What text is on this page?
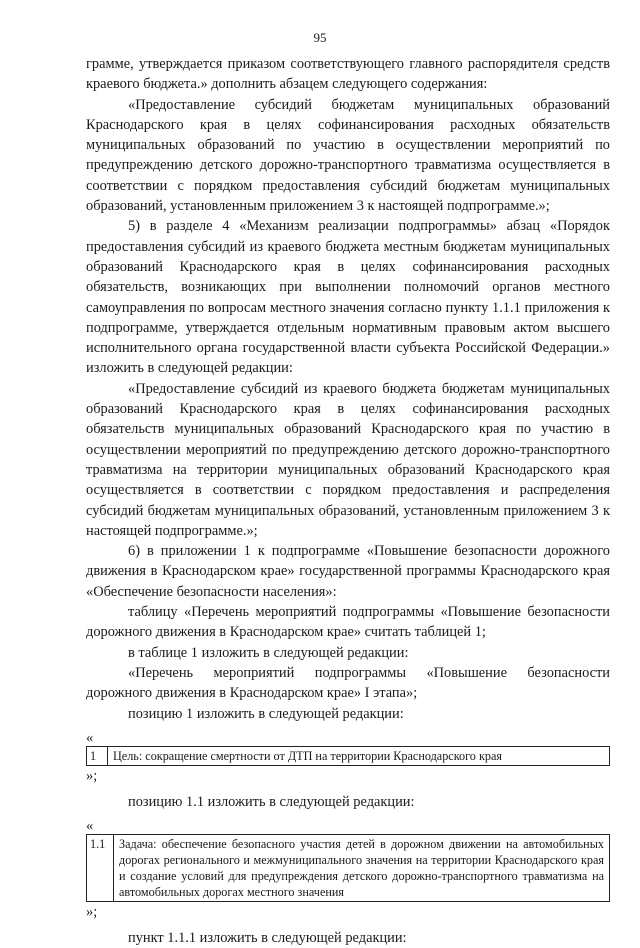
95

грамме, утверждается приказом соответствующего главного распорядителя средств краевого бюджета.» дополнить абзацем следующего содержания:

«Предоставление субсидий бюджетам муниципальных образований Краснодарского края в целях софинансирования расходных обязательств муниципальных образований по участию в осуществлении мероприятий по предупреждению детского дорожно-транспортного травматизма осуществляется в соответствии с порядком предоставления субсидий бюджетам муниципальных образований, установленным приложением 3 к настоящей подпрограмме.»;

5) в разделе 4 «Механизм реализации подпрограммы» абзац «Порядок предоставления субсидий из краевого бюджета местным бюджетам муниципальных образований Краснодарского края в целях софинансирования расходных обязательств, возникающих при выполнении полномочий органов местного самоуправления по вопросам местного значения согласно пункту 1.1.1 приложения к подпрограмме, утверждается отдельным нормативным правовым актом высшего исполнительного органа государственной власти субъекта Российской Федерации.» изложить в следующей редакции:

«Предоставление субсидий из краевого бюджета бюджетам муниципальных образований Краснодарского края в целях софинансирования расходных обязательств муниципальных образований Краснодарского края по участию в осуществлении мероприятий по предупреждению детского дорожно-транспортного травматизма на территории муниципальных образований Краснодарского края осуществляется в соответствии с порядком предоставления и распределения субсидий бюджетам муниципальных образований, установленным приложением 3 к настоящей подпрограмме.»;

6) в приложении 1 к подпрограмме «Повышение безопасности дорожного движения в Краснодарском крае» государственной программы Краснодарского края «Обеспечение безопасности населения»:

таблицу «Перечень мероприятий подпрограммы «Повышение безопасности дорожного движения в Краснодарском крае» считать таблицей 1;

в таблице 1 изложить в следующей редакции:

«Перечень мероприятий подпрограммы «Повышение безопасности дорожного движения в Краснодарском крае» I этапа»;

позицию 1 изложить в следующей редакции:

«

1	Цель: сокращение смертности от ДТП на территории Краснодарского края

»;

позицию 1.1 изложить в следующей редакции:

«

1.1	Задача: обеспечение безопасного участия детей в дорожном движении на автомобильных дорогах регионального и межмуниципального значения на территории Краснодарского края и создание условий для предупреждения детского дорожно-транспортного травматизма на автомобильных дорогах местного значения

»;

пункт 1.1.1 изложить в следующей редакции:
